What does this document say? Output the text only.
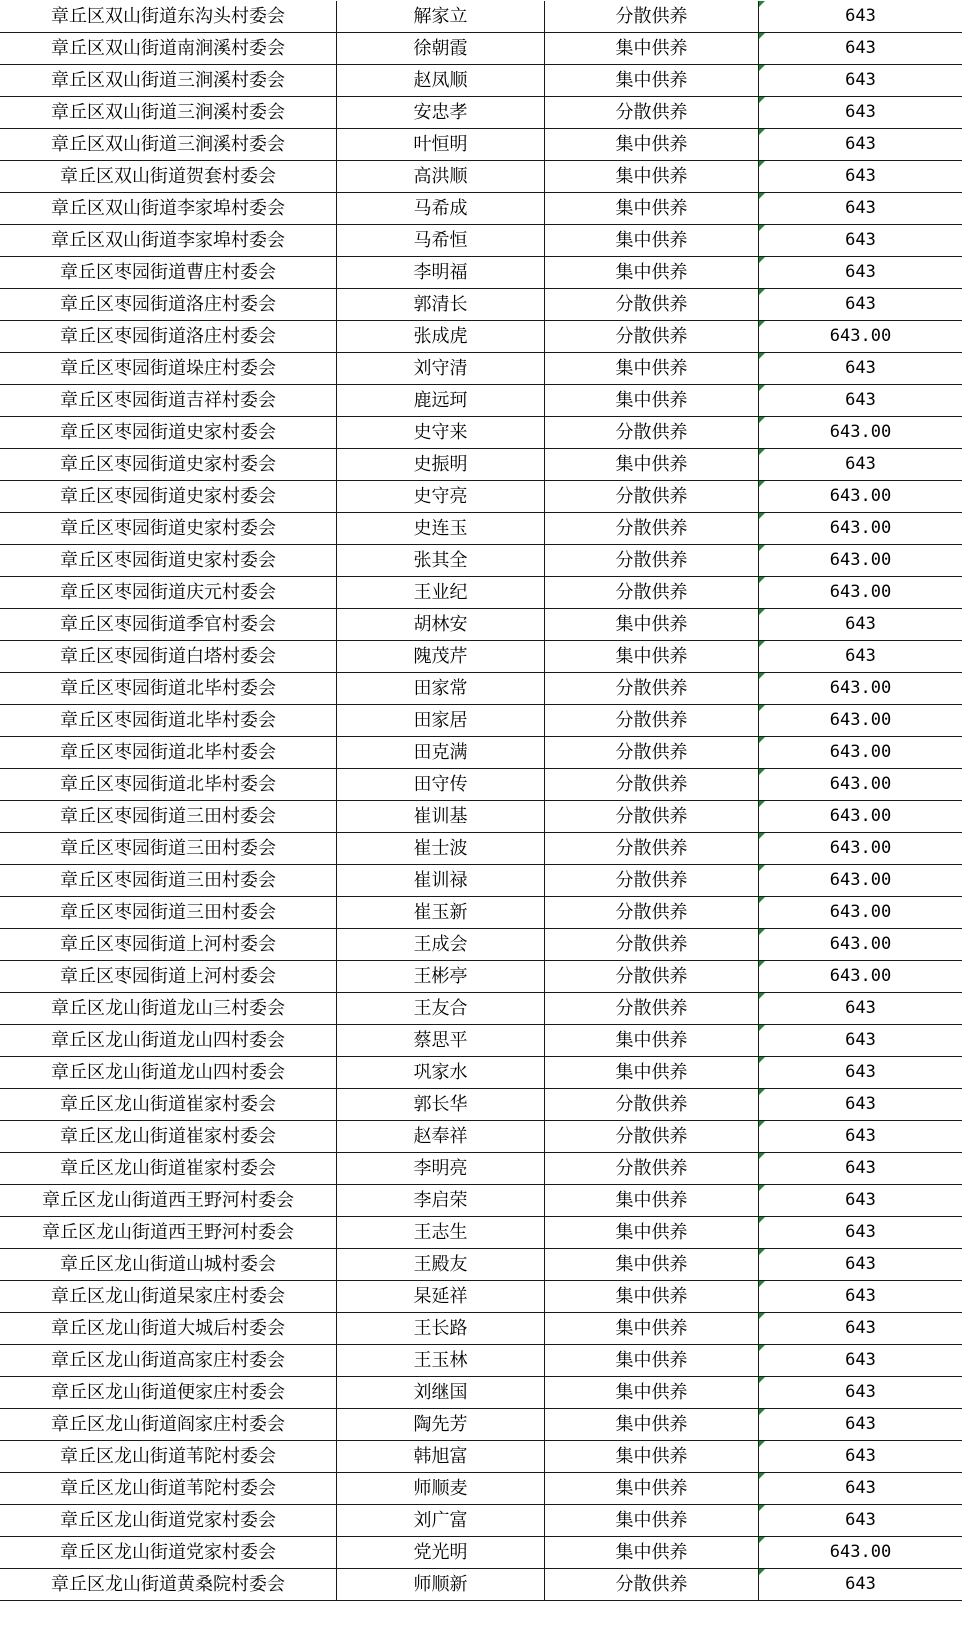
章丘区双山街道东沟头村委会	解家立	分散供养	643
章丘区双山街道南涧溪村委会	徐朝霞	集中供养	643
章丘区双山街道三涧溪村委会	赵凤顺	集中供养	643
章丘区双山街道三涧溪村委会	安忠孝	分散供养	643
章丘区双山街道三涧溪村委会	叶恒明	集中供养	643
章丘区双山街道贺套村委会	高洪顺	集中供养	643
章丘区双山街道李家埠村委会	马希成	集中供养	643
章丘区双山街道李家埠村委会	马希恒	集中供养	643
章丘区枣园街道曹庄村委会	李明福	集中供养	643
章丘区枣园街道洛庄村委会	郭清长	分散供养	643
章丘区枣园街道洛庄村委会	张成虎	分散供养	643.00
章丘区枣园街道垛庄村委会	刘守清	集中供养	643
章丘区枣园街道吉祥村委会	鹿远珂	集中供养	643
章丘区枣园街道史家村委会	史守来	分散供养	643.00
章丘区枣园街道史家村委会	史振明	集中供养	643
章丘区枣园街道史家村委会	史守亮	分散供养	643.00
章丘区枣园街道史家村委会	史连玉	分散供养	643.00
章丘区枣园街道史家村委会	张其全	分散供养	643.00
章丘区枣园街道庆元村委会	王业纪	分散供养	643.00
章丘区枣园街道季官村委会	胡林安	集中供养	643
章丘区枣园街道白塔村委会	隗茂芹	集中供养	643
章丘区枣园街道北毕村委会	田家常	分散供养	643.00
章丘区枣园街道北毕村委会	田家居	分散供养	643.00
章丘区枣园街道北毕村委会	田克满	分散供养	643.00
章丘区枣园街道北毕村委会	田守传	分散供养	643.00
章丘区枣园街道三田村委会	崔训基	分散供养	643.00
章丘区枣园街道三田村委会	崔士波	分散供养	643.00
章丘区枣园街道三田村委会	崔训禄	分散供养	643.00
章丘区枣园街道三田村委会	崔玉新	分散供养	643.00
章丘区枣园街道上河村委会	王成会	分散供养	643.00
章丘区枣园街道上河村委会	王彬亭	分散供养	643.00
章丘区龙山街道龙山三村委会	王友合	分散供养	643
章丘区龙山街道龙山四村委会	蔡思平	集中供养	643
章丘区龙山街道龙山四村委会	巩家水	集中供养	643
章丘区龙山街道崔家村委会	郭长华	分散供养	643
章丘区龙山街道崔家村委会	赵奉祥	分散供养	643
章丘区龙山街道崔家村委会	李明亮	分散供养	643
章丘区龙山街道西王野河村委会	李启荣	集中供养	643
章丘区龙山街道西王野河村委会	王志生	集中供养	643
章丘区龙山街道山城村委会	王殿友	集中供养	643
章丘区龙山街道杲家庄村委会	杲延祥	集中供养	643
章丘区龙山街道大城后村委会	王长路	集中供养	643
章丘区龙山街道高家庄村委会	王玉林	集中供养	643
章丘区龙山街道便家庄村委会	刘继国	集中供养	643
章丘区龙山街道阎家庄村委会	陶先芳	集中供养	643
章丘区龙山街道苇陀村委会	韩旭富	集中供养	643
章丘区龙山街道苇陀村委会	师顺麦	集中供养	643
章丘区龙山街道党家村委会	刘广富	集中供养	643
章丘区龙山街道党家村委会	党光明	集中供养	643.00
章丘区龙山街道黄桑院村委会	师顺新	分散供养	643
